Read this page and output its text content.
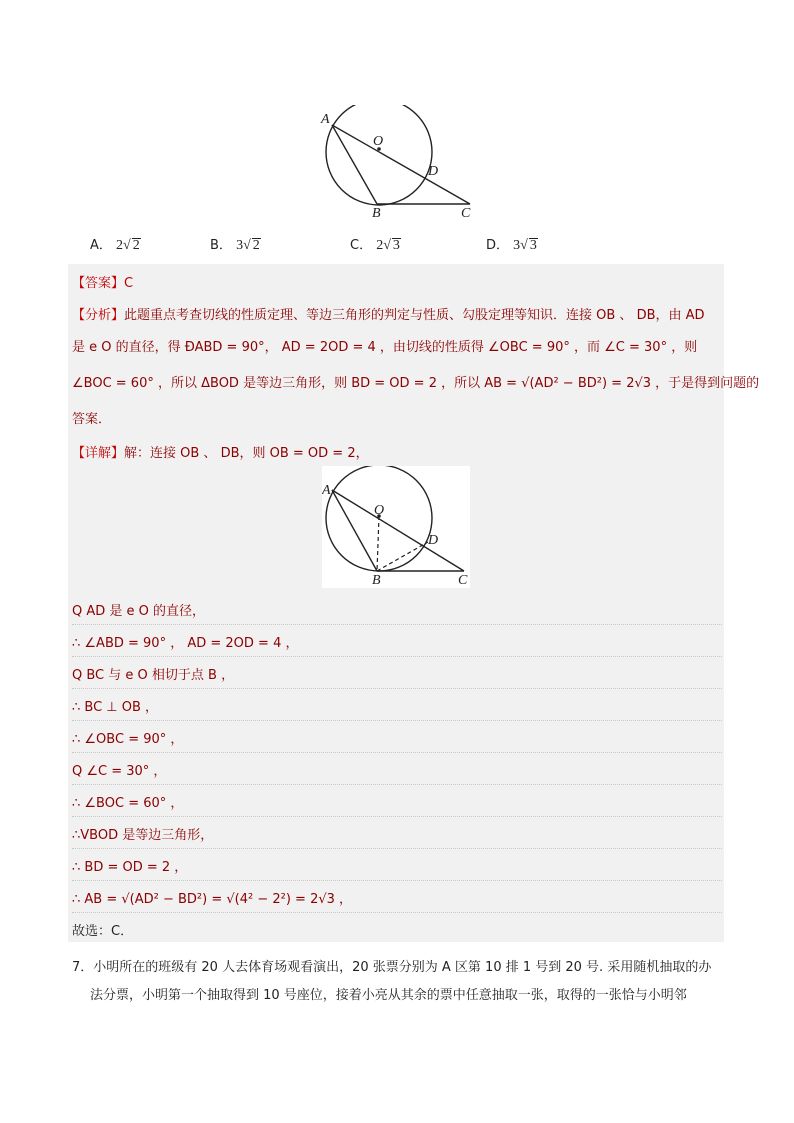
A
O
D
B	C
A． 2√ 2	B． 3√ 2	C． 2√ 3	D． 3√ 3
【答案】C
【分析】此题重点考查切线的性质定理、等边三角形的判定与性质、勾股定理等知识．连接 OB 、 DB，由 AD
是 e O 的直径，得 ÐABD = 90°， AD = 2OD = 4 ，由切线的性质得 ∠OBC = 90° ，而 ∠C = 30° ，则
∠BOC = 60° ，所以 ΔBOD 是等边三角形，则 BD = OD = 2 ，所以 AB = √(AD² − BD²) = 2√3 ，于是得到问题的
答案．
【详解】解：连接 OB 、 DB，则 OB = OD = 2，
A
O
D
B	C
Q AD 是 e O 的直径，
∴ ∠ABD = 90° ， AD = 2OD = 4 ，
Q BC 与 e O 相切于点 B ，
∴ BC ⊥ OB ，
∴ ∠OBC = 90° ，
Q ∠C = 30° ，
∴ ∠BOC = 60° ，
∴VBOD 是等边三角形，
∴ BD = OD = 2 ，
∴ AB = √(AD² − BD²) = √(4² − 2²) = 2√3 ，
故选：C．
7．小明所在的班级有 20 人去体育场观看演出，20 张票分别为 A 区第 10 排 1 号到 20 号. 采用随机抽取的办
法分票，小明第一个抽取得到 10 号座位，接着小亮从其余的票中任意抽取一张，取得的一张恰与小明邻
